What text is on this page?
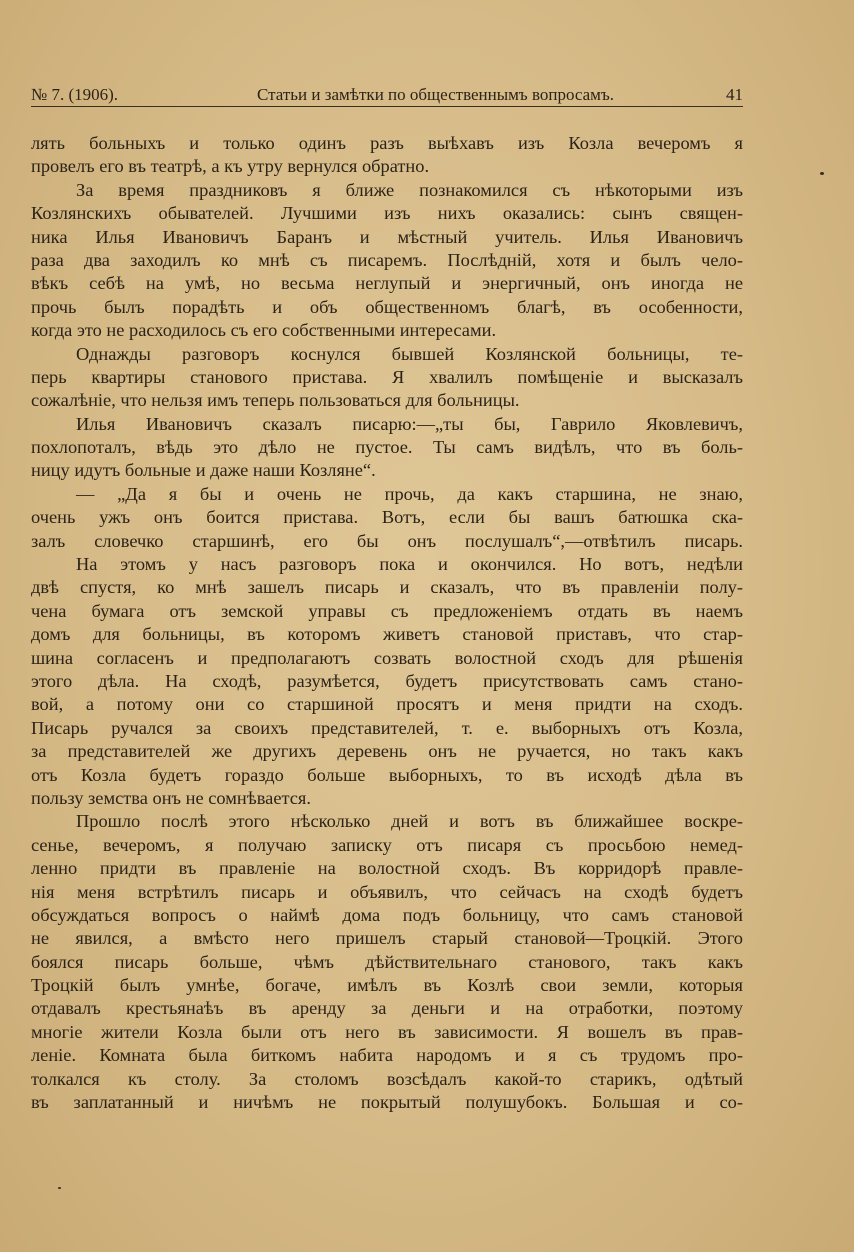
№ 7. (1906).	Статьи и замѣтки по общественнымъ вопросамъ.	41
лять больныхъ и только одинъ разъ выѣхавъ изъ Козла вечеромъ я
провелъ его въ театрѣ, а къ утру вернулся обратно.
За время праздниковъ я ближе познакомился съ нѣкоторыми изъ
Козлянскихъ обывателей. Лучшими изъ нихъ оказались: сынъ священ-
ника Илья Ивановичъ Баранъ и мѣстный учитель. Илья Ивановичъ
раза два заходилъ ко мнѣ съ писаремъ. Послѣдній, хотя и былъ чело-
вѣкъ себѣ на умѣ, но весьма неглупый и энергичный, онъ иногда не
прочь былъ порадѣть и объ общественномъ благѣ, въ особенности,
когда это не расходилось съ его собственными интересами.
Однажды разговоръ коснулся бывшей Козлянской больницы, те-
перь квартиры станового пристава. Я хвалилъ помѣщеніе и высказалъ
сожалѣніе, что нельзя имъ теперь пользоваться для больницы.
Илья Ивановичъ сказалъ писарю:—„ты бы, Гаврило Яковлевичъ,
похлопоталъ, вѣдь это дѣло не пустое. Ты самъ видѣлъ, что въ боль-
ницу идутъ больные и даже наши Козляне“.
— „Да я бы и очень не прочь, да какъ старшина, не знаю,
очень ужъ онъ боится пристава. Вотъ, если бы вашъ батюшка ска-
залъ словечко старшинѣ, его бы онъ послушалъ“,—отвѣтилъ писарь.
На этомъ у насъ разговоръ пока и окончился. Но вотъ, недѣли
двѣ спустя, ко мнѣ зашелъ писарь и сказалъ, что въ правленіи полу-
чена бумага отъ земской управы съ предложеніемъ отдать въ наемъ
домъ для больницы, въ которомъ живетъ становой приставъ, что стар-
шина согласенъ и предполагаютъ созвать волостной сходъ для рѣшенія
этого дѣла. На сходѣ, разумѣется, будетъ присутствовать самъ стано-
вой, а потому они со старшиной просятъ и меня придти на сходъ.
Писарь ручался за своихъ представителей, т. е. выборныхъ отъ Козла,
за представителей же другихъ деревень онъ не ручается, но такъ какъ
отъ Козла будетъ гораздо больше выборныхъ, то въ исходѣ дѣла въ
пользу земства онъ не сомнѣвается.
Прошло послѣ этого нѣсколько дней и вотъ въ ближайшее воскре-
сенье, вечеромъ, я получаю записку отъ писаря съ просьбою немед-
ленно придти въ правленіе на волостной сходъ. Въ корридорѣ правле-
нія меня встрѣтилъ писарь и объявилъ, что сейчасъ на сходѣ будетъ
обсуждаться вопросъ о наймѣ дома подъ больницу, что самъ становой
не явился, а вмѣсто него пришелъ старый становой—Троцкій. Этого
боялся писарь больше, чѣмъ дѣйствительнаго станового, такъ какъ
Троцкій былъ умнѣе, богаче, имѣлъ въ Козлѣ свои земли, которыя
отдавалъ крестьянаѣъ въ аренду за деньги и на отработки, поэтому
многіе жители Козла были отъ него въ зависимости. Я вошелъ въ прав-
леніе. Комната была биткомъ набита народомъ и я съ трудомъ про-
толкался къ столу. За столомъ возсѣдалъ какой-то старикъ, одѣтый
въ заплатанный и ничѣмъ не покрытый полушубокъ. Большая и со-
